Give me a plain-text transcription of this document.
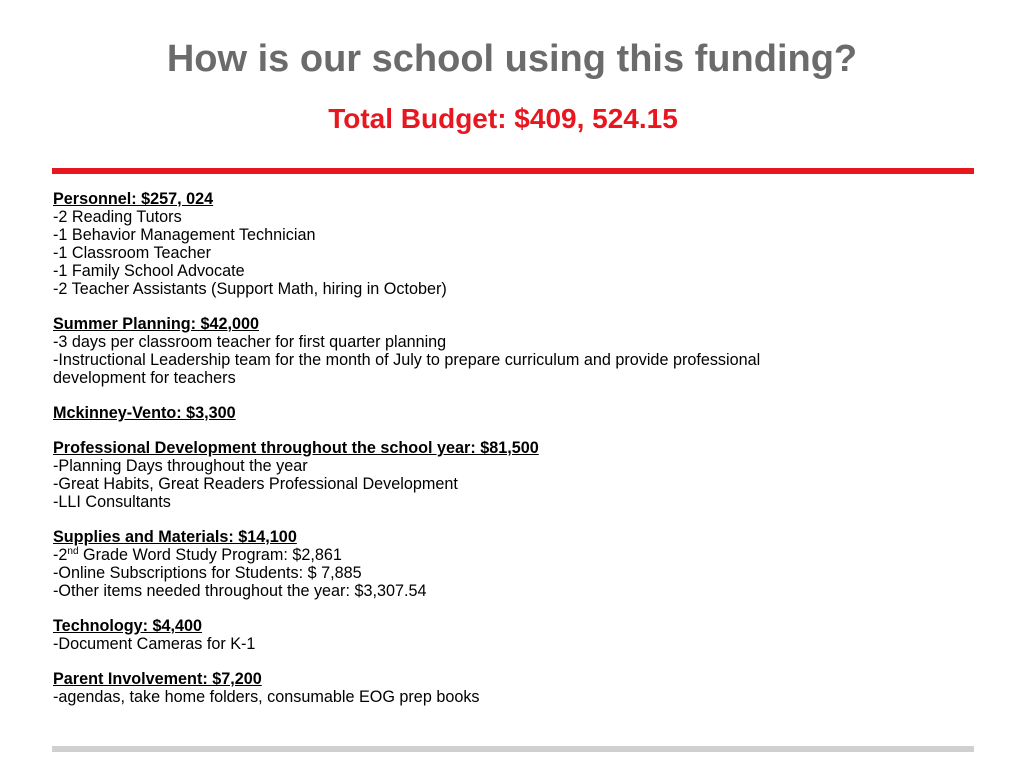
How is our school using this funding?
Total Budget: $409, 524.15
Personnel: $257, 024
-2 Reading Tutors
-1 Behavior Management Technician
-1 Classroom Teacher
-1 Family School Advocate
-2 Teacher Assistants (Support Math, hiring in October)
Summer Planning: $42,000
-3 days per classroom teacher for first quarter planning
-Instructional Leadership team for the month of July to prepare curriculum and provide professional
development for teachers
Mckinney-Vento: $3,300
Professional Development throughout the school year: $81,500
-Planning Days throughout the year
-Great Habits, Great Readers Professional Development
-LLI Consultants
Supplies and Materials: $14,100
-2nd Grade Word Study Program: $2,861
-Online Subscriptions for Students: $ 7,885
-Other items needed throughout the year: $3,307.54
Technology: $4,400
-Document Cameras for K-1
Parent Involvement: $7,200
-agendas, take home folders, consumable EOG prep books
